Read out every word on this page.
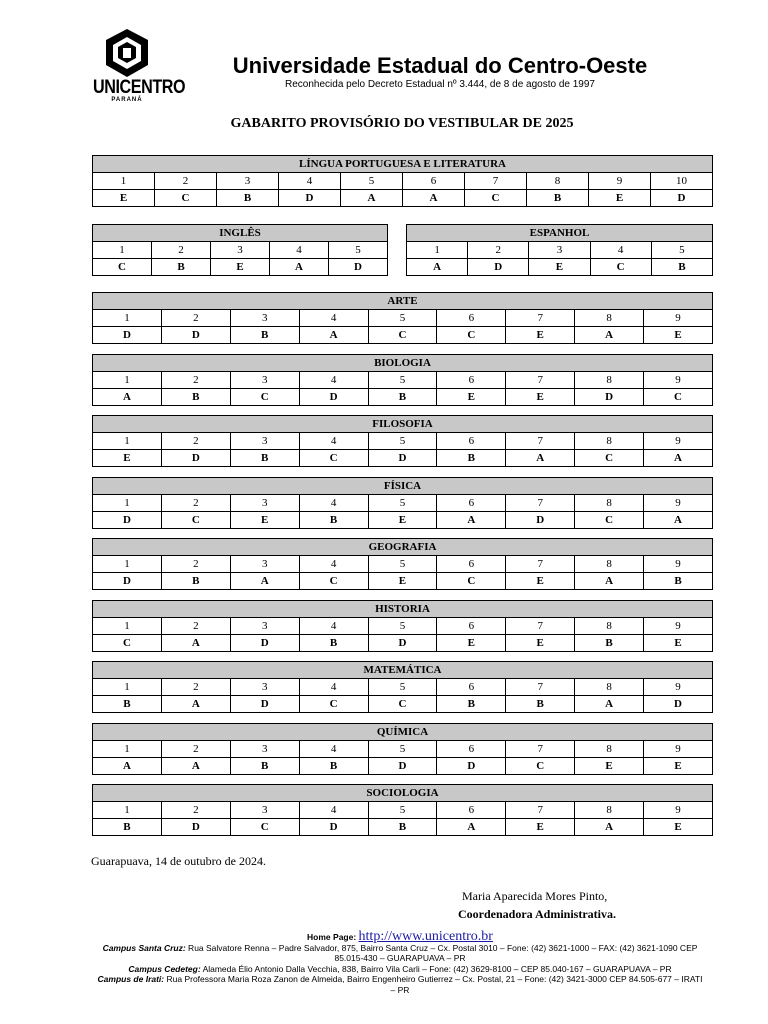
UNICENTRO
PARANÁ
Universidade Estadual do Centro-Oeste
Reconhecida pelo Decreto Estadual nº 3.444, de 8 de agosto de 1997
GABARITO PROVISÓRIO DO VESTIBULAR DE 2025
LÍNGUA PORTUGUESA E LITERATURA									
1	2	3	4	5	6	7	8	9	10
E	C	B	D	A	A	C	B	E	D
INGLÊS				
1	2	3	4	5
C	B	E	A	D
ESPANHOL				
1	2	3	4	5
A	D	E	C	B
ARTE								
1	2	3	4	5	6	7	8	9
D	D	B	A	C	C	E	A	E
BIOLOGIA								
1	2	3	4	5	6	7	8	9
A	B	C	D	B	E	E	D	C
FILOSOFIA								
1	2	3	4	5	6	7	8	9
E	D	B	C	D	B	A	C	A
FÍSICA								
1	2	3	4	5	6	7	8	9
D	C	E	B	E	A	D	C	A
GEOGRAFIA								
1	2	3	4	5	6	7	8	9
D	B	A	C	E	C	E	A	B
HISTORIA								
1	2	3	4	5	6	7	8	9
C	A	D	B	D	E	E	B	E
MATEMÁTICA								
1	2	3	4	5	6	7	8	9
B	A	D	C	C	B	B	A	D
QUÍMICA								
1	2	3	4	5	6	7	8	9
A	A	B	B	D	D	C	E	E
SOCIOLOGIA								
1	2	3	4	5	6	7	8	9
B	D	C	D	B	A	E	A	E
Guarapuava, 14 de outubro de 2024.
Maria Aparecida Mores Pinto,
Coordenadora Administrativa.
Home Page: http://www.unicentro.br
Campus Santa Cruz: Rua Salvatore Renna – Padre Salvador, 875, Bairro Santa Cruz – Cx. Postal 3010 – Fone: (42) 3621-1000 – FAX: (42) 3621-1090 CEP 85.015-430 – GUARAPUAVA – PR
Campus Cedeteg: Alameda Élio Antonio Dalla Vecchia, 838, Bairro Vila Carli – Fone: (42) 3629-8100 – CEP 85.040-167 – GUARAPUAVA – PR
Campus de Irati: Rua Professora Maria Roza Zanon de Almeida, Bairro Engenheiro Gutierrez – Cx. Postal, 21 – Fone: (42) 3421-3000 CEP 84.505-677 – IRATI – PR
